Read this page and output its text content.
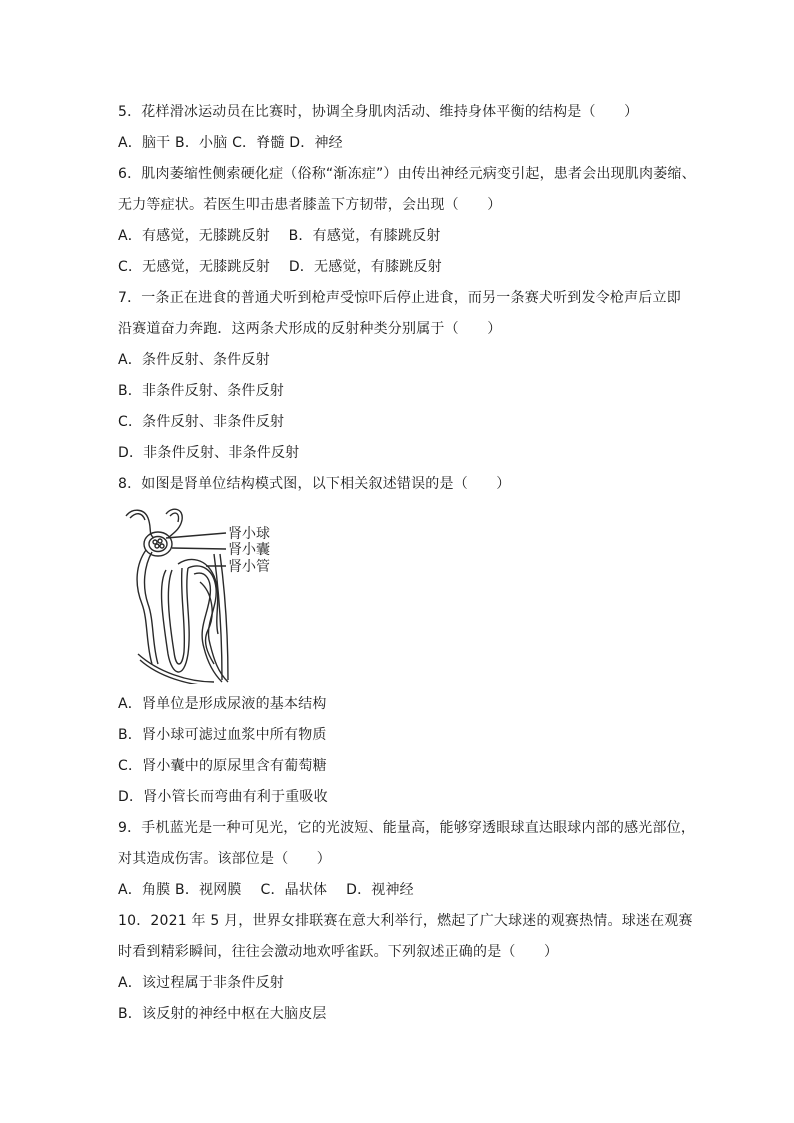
5．花样滑冰运动员在比赛时，协调全身肌肉活动、维持身体平衡的结构是（　　）
A．脑干 B．小脑 C．脊髓 D．神经
6．肌肉萎缩性侧索硬化症（俗称“渐冻症”）由传出神经元病变引起，患者会出现肌肉萎缩、
无力等症状。若医生叩击患者膝盖下方韧带，会出现（　　）
A．有感觉，无膝跳反射　 B．有感觉，有膝跳反射
C．无感觉，无膝跳反射　 D．无感觉，有膝跳反射
7．一条正在进食的普通犬听到枪声受惊吓后停止进食，而另一条赛犬听到发令枪声后立即
沿赛道奋力奔跑．这两条犬形成的反射种类分别属于（　　）
A．条件反射、条件反射
B．非条件反射、条件反射
C．条件反射、非条件反射
D．非条件反射、非条件反射
8．如图是肾单位结构模式图，以下相关叙述错误的是（　　）
肾小球
肾小囊
肾小管
A．肾单位是形成尿液的基本结构
B．肾小球可滤过血浆中所有物质
C．肾小囊中的原尿里含有葡萄糖
D．肾小管长而弯曲有利于重吸收
9．手机蓝光是一种可见光，它的光波短、能量高，能够穿透眼球直达眼球内部的感光部位，
对其造成伤害。该部位是（　　）
A．角膜 B．视网膜　 C．晶状体　 D．视神经
10．2021 年 5 月，世界女排联赛在意大利举行，燃起了广大球迷的观赛热情。球迷在观赛
时看到精彩瞬间，往往会激动地欢呼雀跃。下列叙述正确的是（　　）
A．该过程属于非条件反射
B．该反射的神经中枢在大脑皮层
